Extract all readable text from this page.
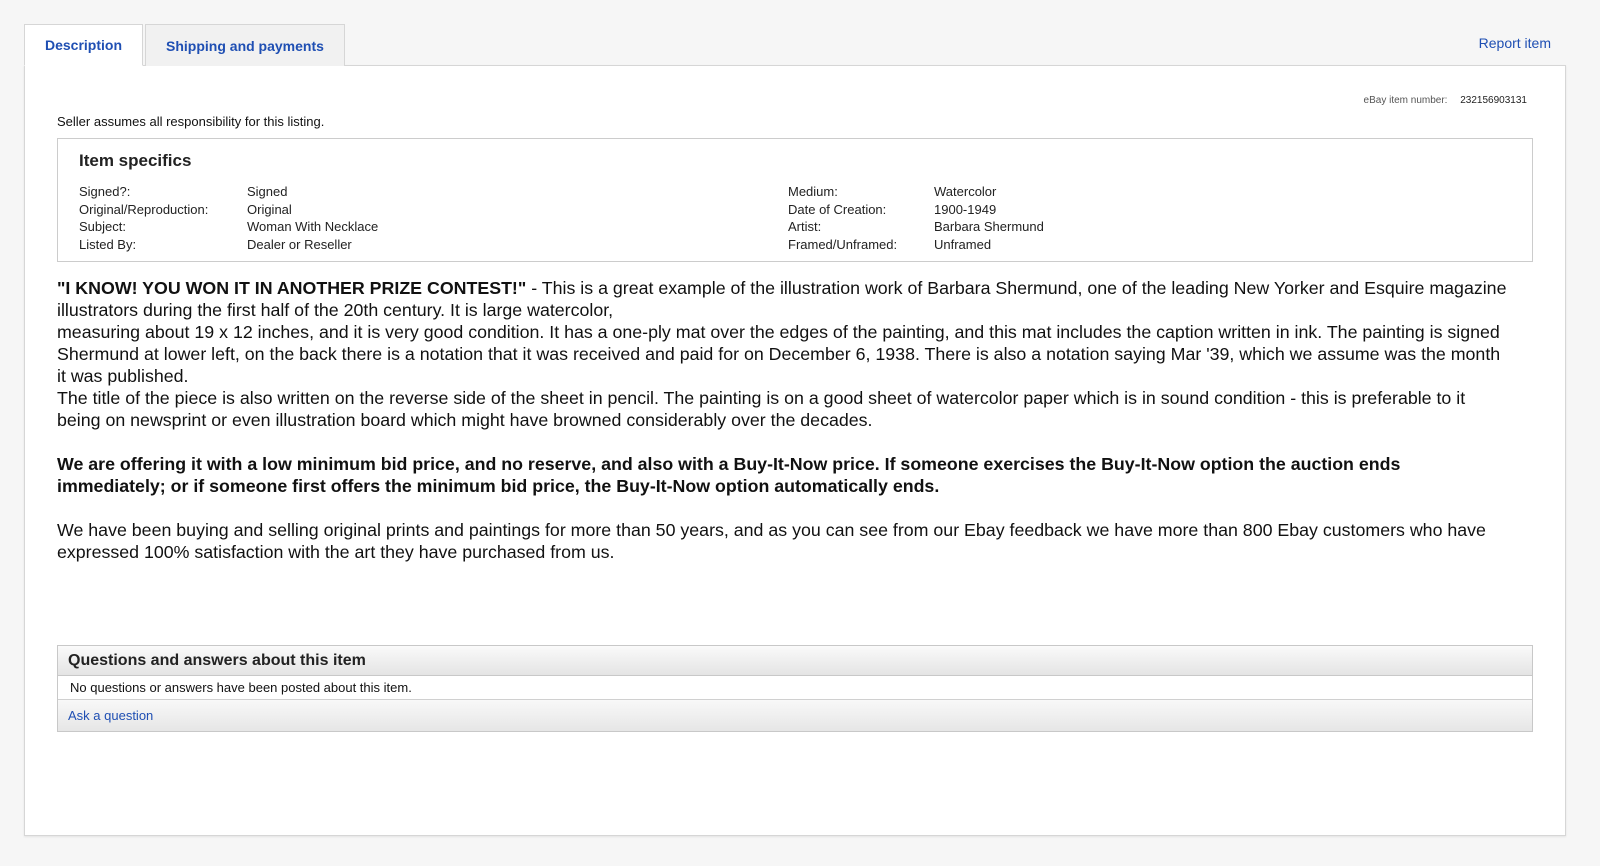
Description	Shipping and payments	Report item
eBay item number: 232156903131
Seller assumes all responsibility for this listing.
Item specifics
Signed?:	Signed
Original/Reproduction:	Original
Subject:	Woman With Necklace
Listed By:	Dealer or Reseller
Medium:	Watercolor
Date of Creation:	1900-1949
Artist:	Barbara Shermund
Framed/Unframed:	Unframed

"I KNOW! YOU WON IT IN ANOTHER PRIZE CONTEST!" - This is a great example of the illustration work of Barbara Shermund, one of the leading New Yorker and Esquire magazine illustrators during the first half of the 20th century. It is large watercolor,

measuring about 19 x 12 inches, and it is very good condition. It has a one-ply mat over the edges of the painting, and this mat includes the caption written in ink. The painting is signed Shermund at lower left, on the back there is a notation that it was received and paid for on December 6, 1938. There is also a notation saying Mar '39, which we assume was the month it was published.

The title of the piece is also written on the reverse side of the sheet in pencil. The painting is on a good sheet of watercolor paper which is in sound condition - this is preferable to it being on newsprint or even illustration board which might have browned considerably over the decades.

We are offering it with a low minimum bid price, and no reserve, and also with a Buy-It-Now price. If someone exercises the Buy-It-Now option the auction ends immediately; or if someone first offers the minimum bid price, the Buy-It-Now option automatically ends.

We have been buying and selling original prints and paintings for more than 50 years, and as you can see from our Ebay feedback we have more than 800 Ebay customers who have expressed 100% satisfaction with the art they have purchased from us.

Questions and answers about this item
No questions or answers have been posted about this item.
Ask a question
